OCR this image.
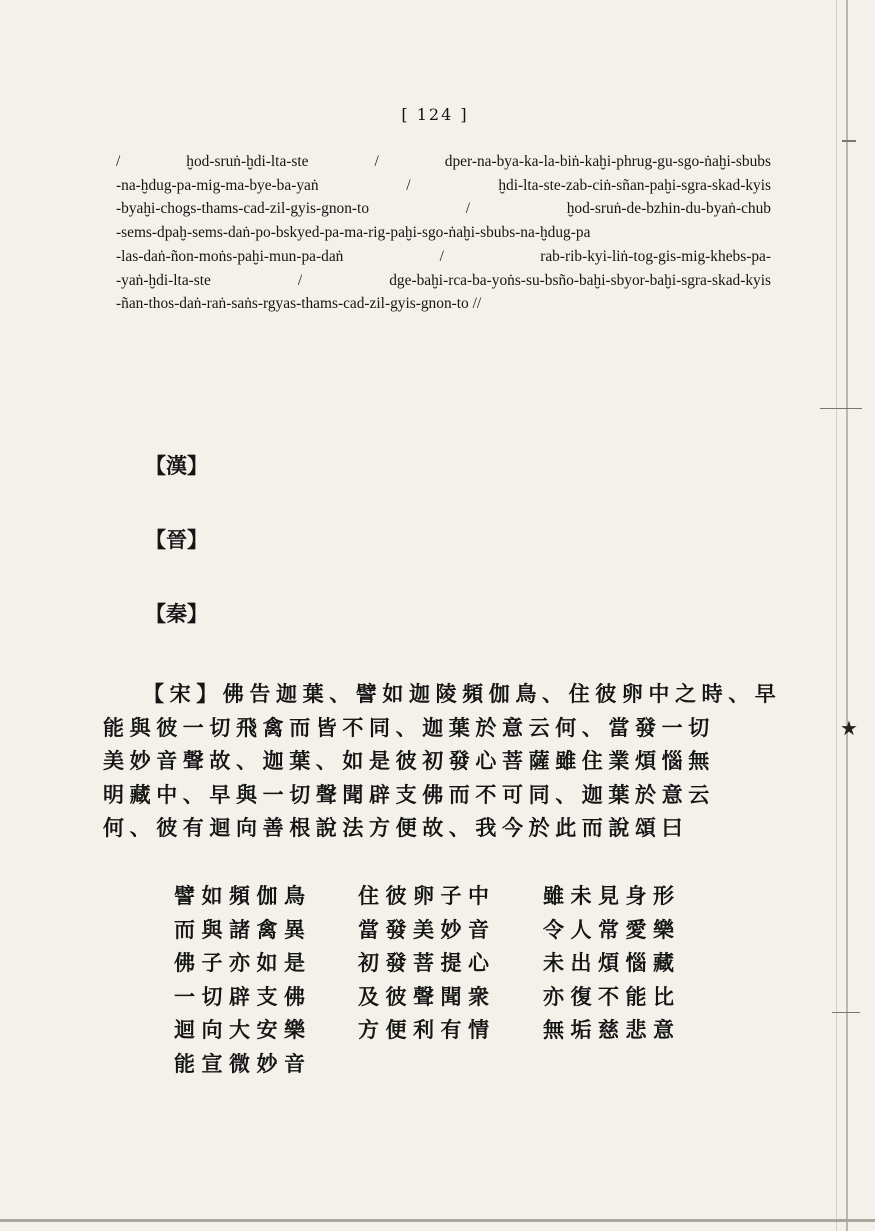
★
[ 124 ]
/ ḫod-sruṅ-ḫdi-lta-ste / dper-na-bya-ka-la-biṅ-kaḫi-phrug-gu-sgo-ṅaḫi-sbubs
-na-ḫdug-pa-mig-ma-bye-ba-yaṅ / ḫdi-lta-ste-zab-ciṅ-sñan-paḫi-sgra-skad-kyis
-byaḫi-chogs-thams-cad-zil-gyis-gnon-to / ḫod-sruṅ-de-bzhin-du-byaṅ-chub
-sems-dpaḫ-sems-daṅ-po-bskyed-pa-ma-rig-paḫi-sgo-ṅaḫi-sbubs-na-ḫdug-pa
-las-daṅ-ñon-moṅs-paḫi-mun-pa-daṅ / rab-rib-kyi-liṅ-tog-gis-mig-khebs-pa-
-yaṅ-ḫdi-lta-ste / dge-baḫi-rca-ba-yoṅs-su-bsño-baḫi-sbyor-baḫi-sgra-skad-kyis
-ñan-thos-daṅ-raṅ-saṅs-rgyas-thams-cad-zil-gyis-gnon-to //
【漢】
【晉】
【秦】
【宋】佛告迦葉、譬如迦陵頻伽鳥、住彼卵中之時、早
能與彼一切飛禽而皆不同、迦葉於意云何、當發一切
美妙音聲故、迦葉、如是彼初發心菩薩雖住業煩惱無
明藏中、早與一切聲聞辟支佛而不可同、迦葉於意云
何、彼有迴向善根說法方便故、我今於此而說頌曰
譬如頻伽鳥
而與諸禽異
佛子亦如是
一切辟支佛
迴向大安樂
能宣微妙音
住彼卵子中
當發美妙音
初發菩提心
及彼聲聞衆
方便利有情
雖未見身形
令人常愛樂
未出煩惱藏
亦復不能比
無垢慈悲意
